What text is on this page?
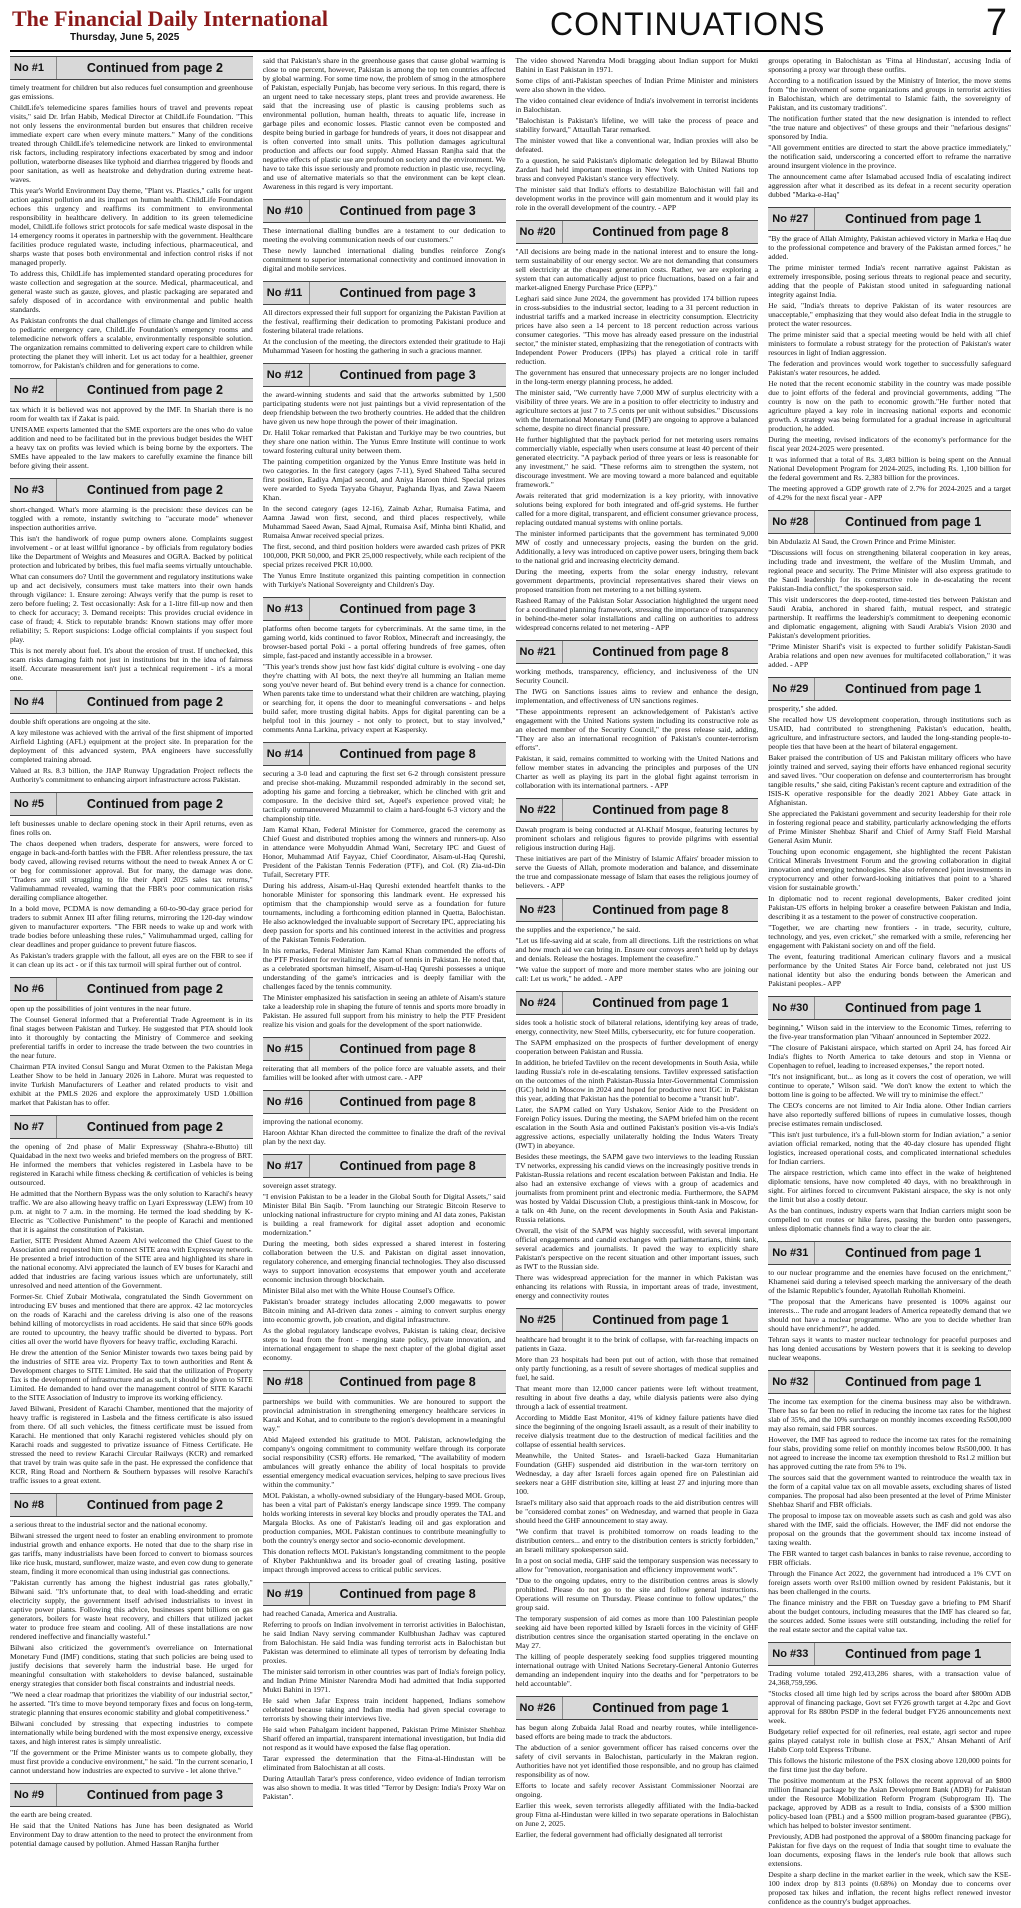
The Financial Daily International
Thursday, June 5, 2025	CONTINUATIONS	7
No #1	Continued from page 2

timely treatment for children but also reduces fuel consumption and greenhouse gas emissions.

ChildLife's telemedicine spares families hours of travel and prevents repeat visits," said Dr. Irfan Habib, Medical Director at ChildLife Foundation. "This not only lessens the environmental burden but ensures that children receive immediate expert care when every minute matters." Many of the conditions treated through ChildLife's telemedicine network are linked to environmental risk factors, including respiratory infections exacerbated by smog and indoor pollution, waterborne diseases like typhoid and diarrhea triggered by floods and poor sanitation, as well as heatstroke and dehydration during extreme heat-waves.

This year's World Environment Day theme, "Plant vs. Plastics," calls for urgent action against pollution and its impact on human health. ChildLife Foundation echoes this urgency and reaffirms its commitment to environmental responsibility in healthcare delivery. In addition to its green telemedicine model, ChildLife follows strict protocols for safe medical waste disposal in the 14 emergency rooms it operates in partnership with the government. Healthcare facilities produce regulated waste, including infectious, pharmaceutical, and sharps waste that poses both environmental and infection control risks if not managed properly.

To address this, ChildLife has implemented standard operating procedures for waste collection and segregation at the source. Medical, pharmaceutical, and general waste such as gauze, gloves, and plastic packaging are separated and safely disposed of in accordance with environmental and public health standards.

As Pakistan confronts the dual challenges of climate change and limited access to pediatric emergency care, ChildLife Foundation's emergency rooms and telemedicine network offers a scalable, environmentally responsible solution. The organization remains committed to delivering expert care to children while protecting the planet they will inherit. Let us act today for a healthier, greener tomorrow, for Pakistan's children and for generations to come.

No #2	Continued from page 2

tax which it is believed was not approved by the IMF. In Shariah there is no room for wealth tax if Zakat is paid.

UNISAME experts lamented that the SME exporters are the ones who do value addition and need to be facilitated but in the previous budget besides the WHT a heavy tax on profits was levied which is being borne by the exporters. The SMEs have appealed to the law makers to carefully examine the finance bill before giving their assent.

No #3	Continued from page 2

short-changed. What's more alarming is the precision: these devices can be toggled with a remote, instantly switching to "accurate mode" whenever inspection authorities arrive.

This isn't the handiwork of rogue pump owners alone. Complaints suggest involvement - or at least willful ignorance - by officials from regulatory bodies like the Department of Weights and Measures and OGRA. Backed by political protection and lubricated by bribes, this fuel mafia seems virtually untouchable.

What can consumers do? Until the government and regulatory institutions wake up and act decisively, consumers must take matters into their own hands through vigilance: 1. Ensure zeroing: Always verify that the pump is reset to zero before fueling; 2. Test occasionally: Ask for a 1-litre fill-up now and then to check for accuracy; 3. Demand receipts: This provides crucial evidence in case of fraud; 4. Stick to reputable brands: Known stations may offer more reliability; 5. Report suspicions: Lodge official complaints if you suspect foul play.

This is not merely about fuel. It's about the erosion of trust. If unchecked, this scam risks damaging faith not just in institutions but in the idea of fairness itself. Accurate measurement isn't just a technical requirement - it's a moral one.

No #4	Continued from page 2

double shift operations are ongoing at the site.

A key milestone was achieved with the arrival of the first shipment of imported Airfield Lighting (AFL) equipment at the project site. In preparation for the deployment of this advanced system, PAA engineers have successfully completed training abroad.

Valued at Rs. 8.3 billion, the JIAP Runway Upgradation Project reflects the Authority's commitment to enhancing airport infrastructure across Pakistan.

No #5	Continued from page 2

left businesses unable to declare opening stock in their April returns, even as fines rolls on.

The chaos deepened when traders, desperate for answers, were forced to engage in back-and-forth battles with the FBR. After relentless pressure, the tax body caved, allowing revised returns without the need to tweak Annex A or C or beg for commissioner approval. But for many, the damage was done. "Traders are still struggling to file their April 2025 sales tax returns," Valimuhammad revealed, warning that the FBR's poor communication risks derailing compliance altogether.

In a bold move, PCDMA is now demanding a 60-to-90-day grace period for traders to submit Annex III after filing returns, mirroring the 120-day window given to manufacturer exporters. "The FBR needs to wake up and work with trade bodies before unleashing these rules," Valimuhammad urged, calling for clear deadlines and proper guidance to prevent future fiascos.

As Pakistan's traders grapple with the fallout, all eyes are on the FBR to see if it can clean up its act - or if this tax turmoil will spiral further out of control.

No #6	Continued from page 2

open up the possibilities of joint ventures in the near future.

The Counsel General informed that a Preferential Trade Agreement is in its final stages between Pakistan and Turkey. He suggested that PTA should look into it thoroughly by contacting the Ministry of Commerce and seeking preferential tariffs in order to increase the trade between the two countries in the near future.

Chairman PTA invited Consul Sangu and Murat Ozmen to the Pakistan Mega Leather Show to be held in January 2026 in Lahore. Murat was requested to invite Turkish Manufacturers of Leather and related products to visit and exhibit at the PMLS 2026 and explore the approximately USD 1.0billion market that Pakistan has to offer.

No #7	Continued from page 2

the opening of 2nd phase of Malir Expressway (Shahra-e-Bhutto) till Quaidabad in the next two weeks and briefed members on the progress of BRT. He informed the members that vehicles registered in Lasbela have to be registered in Karachi while fitness checking & certification of vehicles is being outsourced.

He admitted that the Northern Bypass was the only solution to Karachi's heavy traffic. We are also allowing heavy traffic on Lyari Expressway (LEW) from 10 p.m. at night to 7 a.m. in the morning. He termed the load shedding by K-Electric as "Collective Punishment" to the people of Karachi and mentioned that it is against the constitution of Pakistan.

Earlier, SITE President Ahmed Azeem Alvi welcomed the Chief Guest to the Association and requested him to connect SITE area with Expressway network. He presented a brief introduction of the SITE area and highlighted its share in the national economy. Alvi appreciated the launch of EV buses for Karachi and added that industries are facing various issues which are unfortunately, still unresolved and need attention of the Government.

Former-Sr. Chief Zubair Motiwala, congratulated the Sindh Government on introducing EV buses and mentioned that there are approx. 42 lac motorcycles on the roads of Karachi and the careless driving is also one of the reasons behind killing of motorcyclists in road accidents. He said that since 60% goods are routed to upcountry, the heavy traffic should be diverted to bypass. Port cities all over the world have flyovers for heavy traffic, excluding Karachi.

He drew the attention of the Senior Minister towards two taxes being paid by the industries of SITE area viz. Property Tax to town authorities and Rent & Development charges to SITE Limited. He said that the utilization of Property Tax is the development of infrastructure and as such, it should be given to SITE Limited. He demanded to hand over the management control of SITE Karachi to the SITE Association of Industry to improve its working efficiency.

Javed Bilwani, President of Karachi Chamber, mentioned that the majority of heavy traffic is registered in Lasbela and the fitness certificate is also issued from there. Of all such vehicles, the fitness certificate must be issued from Karachi. He mentioned that only Karachi registered vehicles should ply on Karachi roads and suggested to privatize issuance of Fitness Certificate. He stressed the need to review Karachi Circular Railways (KCR) and remarked that travel by train was quite safe in the past. He expressed the confidence that KCR, Ring Road and Northern & Southern bypasses will resolve Karachi's traffic issues to a great extent.

No #8	Continued from page 2

a serious threat to the industrial sector and the national economy.

Bilwani stressed the urgent need to foster an enabling environment to promote industrial growth and enhance exports. He noted that due to the sharp rise in gas tariffs, many industrialists have been forced to convert to biomass sources like rice husk, mustard, sunflower, maize waste, and even cow dung to generate steam, finding it more economical than using industrial gas connections.

"Pakistan currently has among the highest industrial gas rates globally," Bilwani said. "It's unfortunate that, to deal with load-shedding and erratic electricity supply, the government itself advised industrialists to invest in captive power plants. Following this advice, businesses spent billions on gas generators, boilers for waste heat recovery, and chillers that utilized jacket water to produce free steam and cooling. All of these installations are now rendered ineffective and financially wasteful."

Bilwani also criticized the government's overreliance on International Monetary Fund (IMF) conditions, stating that such policies are being used to justify decisions that severely harm the industrial base. He urged for meaningful consultation with stakeholders to devise balanced, sustainable energy strategies that consider both fiscal constraints and industrial needs.

"We need a clear roadmap that prioritizes the viability of our industrial sector," he asserted. "It's time to move beyond temporary fixes and focus on long-term, strategic planning that ensures economic stability and global competitiveness."

Bilwani concluded by stressing that expecting industries to compete internationally while being burdened with the most expensive energy, excessive taxes, and high interest rates is simply unrealistic.

"If the government or the Prime Minister wants us to compete globally, they must first provide a conducive environment," he said. "In the current scenario, I cannot understand how industries are expected to survive - let alone thrive."

No #9	Continued from page 3

the earth are being created.

He said that the United Nations has June has been designated as World Environment Day to draw attention to the need to protect the environment from potential damage caused by pollution. Ahmed Hassan Ranjha further

said that Pakistan's share in the greenhouse gases that cause global warming is close to one percent, however, Pakistan is among the top ten countries affected by global warming. For some time now, the problem of smog in the atmosphere of Pakistan, especially Punjab, has become very serious. In this regard, there is an urgent need to take necessary steps, plant trees and provide awareness. He said that the increasing use of plastic is causing problems such as environmental pollution, human health, threats to aquatic life, increase in garbage piles and economic losses. Plastic cannot even be composted and despite being buried in garbage for hundreds of years, it does not disappear and is often converted into small units. This pollution damages agricultural production and affects our food supply. Ahmed Hassan Ranjha said that the negative effects of plastic use are profound on society and the environment. We have to take this issue seriously and promote reduction in plastic use, recycling, and use of alternative materials so that the environment can be kept clean. Awareness in this regard is very important.

No #10	Continued from page 3

These international dialling bundles are a testament to our dedication to meeting the evolving communication needs of our customers."

These newly launched international dialing bundles reinforce Zong's commitment to superior international connectivity and continued innovation in digital and mobile services.

No #11	Continued from page 3

All directors expressed their full support for organizing the Pakistan Pavilion at the festival, reaffirming their dedication to promoting Pakistani produce and fostering bilateral trade relations.

At the conclusion of the meeting, the directors extended their gratitude to Haji Muhammad Yaseen for hosting the gathering in such a gracious manner.

No #12	Continued from page 3

the award-winning students and said that the artworks submitted by 1,500 participating students were not just paintings but a vivid representation of the deep friendship between the two brotherly countries. He added that the children have given us new hope through the power of their imagination.

Dr. Halil Tokar remarked that Pakistan and Turkiye may be two countries, but they share one nation within. The Yunus Emre Institute will continue to work toward fostering cultural unity between them.

The painting competition organized by the Yunus Emre Institute was held in two categories. In the first category (ages 7-11), Syed Shaheed Talha secured first position, Eadiya Amjad second, and Aniya Haroon third. Special prizes were awarded to Syeda Tayyaba Ghayur, Paghanda Ilyas, and Zawa Naeem Khan.

In the second category (ages 12-16), Zainab Azhar, Rumaisa Fatima, and Aamna Jawad won first, second, and third places respectively, while Muhammad Saeed Awan, Saad Ajmal, Rumaisa Asif, Minha binti Khalid, and Rumaisa Anwar received special prizes.

The first, second, and third position holders were awarded cash prizes of PKR 100,000, PKR 50,000, and PKR 25,000 respectively, while each recipient of the special prizes received PKR 10,000.

The Yunus Emre Institute organized this painting competition in connection with Turkiye's National Sovereignty and Children's Day.

No #13	Continued from page 3

platforms often become targets for cybercriminals. At the same time, in the gaming world, kids continued to favor Roblox, Minecraft and increasingly, the browser-based portal Poki - a portal offering hundreds of free games, often simple, fast-paced and instantly accessible in a browser.

"This year's trends show just how fast kids' digital culture is evolving - one day they're chatting with AI bots, the next they're all humming an Italian meme song you've never heard of. But behind every trend is a chance for connection. When parents take time to understand what their children are watching, playing or searching for, it opens the door to meaningful conversations - and helps build safer, more trusting digital habits. Apps for digital parenting can be a helpful tool in this journey - not only to protect, but to stay involved," comments Anna Larkina, privacy expert at Kaspersky.

No #14	Continued from page 8

securing a 3-0 lead and capturing the first set 6-2 through consistent pressure and precise shot-making. Muzammil responded admirably in the second set, adopting his game and forcing a tiebreaker, which he clinched with grit and composure. In the decisive third set, Aqeel's experience proved vital; he tactically outmaneuvered Muzammil to claim a hard-fought 6-3 victory and the championship title.

Jam Kamal Khan, Federal Minister for Commerce, graced the ceremony as Chief Guest and distributed trophies among the winners and runners-up. Also in attendance were Mohyuddin Ahmad Wani, Secretary IPC and Guest of Honor, Muhammad Atif Fayyaz, Chief Coordinator, Aisam-ul-Haq Qureshi, President of the Pakistan Tennis Federation (PTF), and Col. (R) Zia-ud-Din Tufail, Secretary PTF.

During his address, Aisam-ul-Haq Qureshi extended heartfelt thanks to the honorable Minister for sponsoring this landmark event. He expressed his optimism that the championship would serve as a foundation for future tournaments, including a forthcoming edition planned in Quetta, Balochistan. He also acknowledged the invaluable support of Secretary IPC, appreciating his deep passion for sports and his continued interest in the activities and progress of the Pakistan Tennis Federation.

In his remarks, Federal Minister Jam Kamal Khan commended the efforts of the PTF President for revitalizing the sport of tennis in Pakistan. He noted that, as a celebrated sportsman himself, Aisam-ul-Haq Qureshi possesses a unique understanding of the game's intricacies and is deeply familiar with the challenges faced by the tennis community.

The Minister emphasized his satisfaction in seeing an athlete of Aisam's stature take a leadership role in shaping the future of tennis and sports more broadly in Pakistan. He assured full support from his ministry to help the PTF President realize his vision and goals for the development of the sport nationwide.

No #15	Continued from page 8

reiterating that all members of the police force are valuable assets, and their families will be looked after with utmost care. - APP

No #16	Continued from page 8

improving the national economy.

Haroon Akhtar Khan directed the committee to finalize the draft of the revival plan by the next day.

No #17	Continued from page 8

sovereign asset strategy.

"I envision Pakistan to be a leader in the Global South for Digital Assets," said Minister Bilal Bin Saqib. "From launching our Strategic Bitcoin Reserve to unlocking national infrastructure for crypto mining and AI data zones, Pakistan is building a real framework for digital asset adoption and economic modernization."

During the meeting, both sides expressed a shared interest in fostering collaboration between the U.S. and Pakistan on digital asset innovation, regulatory coherence, and emerging financial technologies. They also discussed ways to support innovation ecosystems that empower youth and accelerate economic inclusion through blockchain.

Minister Bilal also met with the White House Counsel's Office.

Pakistan's broader strategy includes allocating 2,000 megawatts to power Bitcoin mining and AI-driven data zones - aiming to convert surplus energy into economic growth, job creation, and digital infrastructure.

As the global regulatory landscape evolves, Pakistan is taking clear, decisive steps to lead from the front - merging state policy, private innovation, and international engagement to shape the next chapter of the global digital asset economy.

No #18	Continued from page 8

partnerships we build with communities. We are honoured to support the provincial administration in strengthening emergency healthcare services in Karak and Kohat, and to contribute to the region's development in a meaningful way."

Abid Majeed extended his gratitude to MOL Pakistan, acknowledging the company's ongoing commitment to community welfare through its corporate social responsibility (CSR) efforts. He remarked, "The availability of modern ambulances will greatly enhance the ability of local hospitals to provide essential emergency medical evacuation services, helping to save precious lives within the community."

MOL Pakistan, a wholly-owned subsidiary of the Hungary-based MOL Group, has been a vital part of Pakistan's energy landscape since 1999. The company holds working interests in several key blocks and proudly operates the TAL and Margala Blocks. As one of Pakistan's leading oil and gas exploration and production companies, MOL Pakistan continues to contribute meaningfully to both the country's energy sector and socio-economic development.

This donation reflects MOL Pakistan's longstanding commitment to the people of Khyber Pakhtunkhwa and its broader goal of creating lasting, positive impact through improved access to critical public services.

No #19	Continued from page 8

had reached Canada, America and Australia.

Referring to proofs on Indian involvement in terrorist activities in Balochistan, he said Indian Navy serving commander Kulbhushan Jadhav was captured from Balochistan. He said India was funding terrorist acts in Balochistan but Pakistan was determined to eliminate all types of terrorism by defeating India proxies.

The minister said terrorism in other countries was part of India's foreign policy, and Indian Prime Minister Narendra Modi had admitted that India supported Mukti Bahini in 1971.

He said when Jafar Express train incident happened, Indians somehow celebrated because taking and Indian media had given special coverage to terrorists by showing their interviews live.

He said when Pahalgam incident happened, Pakistan Prime Minister Shehbaz Sharif offered an impartial, transparent international investigation, but India did not respond as it would have exposed the false flag operation.

Tarar expressed the determination that the Fitna-al-Hindustan will be eliminated from Balochistan at all costs.

During Attaullah Tarar's press conference, video evidence of Indian terrorism was also shown to media. It was titled "Terror by Design: India's Proxy War on Pakistan".

The video showed Narendra Modi bragging about Indian support for Mukti Bahini in East Pakistan in 1971.

Some clips of anti-Pakistan speeches of Indian Prime Minister and ministers were also shown in the video.

The video contained clear evidence of India's involvement in terrorist incidents in Balochistan.

"Balochistan is Pakistan's lifeline, we will take the process of peace and stability forward," Attaullah Tarar remarked.

The minister vowed that like a conventional war, Indian proxies will also be defeated.

To a question, he said Pakistan's diplomatic delegation led by Bilawal Bhutto Zardari had held important meetings in New York with United Nations top brass and conveyed Pakistan's stance very effectively.

The minister said that India's efforts to destabilize Balochistan will fail and development works in the province will gain momentum and it would play its role in the overall development of the country. - APP

No #20	Continued from page 8

"All decisions are being made in the national interest and to ensure the long-term sustainability of our energy sector. We are not demanding that consumers sell electricity at the cheapest generation costs. Rather, we are exploring a system that can automatically adjust to price fluctuations, based on a fair and market-aligned Energy Purchase Price (EPP)."

Leghari said since June 2024, the government has provided 174 billion rupees in cross-subsidies to the industrial sector, leading to a 31 percent reduction in industrial tariffs and a marked increase in electricity consumption. Electricity prices have also seen a 14 percent to 18 percent reduction across various consumer categories. "This move has already eased pressure on the industrial sector," the minister stated, emphasizing that the renegotiation of contracts with Independent Power Producers (IPPs) has played a critical role in tariff reduction.

The government has ensured that unnecessary projects are no longer included in the long-term energy planning process, he added.

The minister said, "We currently have 7,000 MW of surplus electricity with a visibility of three years. We are in a position to offer electricity to industry and agriculture sectors at just 7 to 7.5 cents per unit without subsidies." Discussions with the International Monetary Fund (IMF) are ongoing to approve a balanced scheme, despite no direct financial pressure.

He further highlighted that the payback period for net metering users remains commercially viable, especially when users consume at least 40 percent of their generated electricity. "A payback period of three years or less is reasonable for any investment," he said. "These reforms aim to strengthen the system, not discourage investment. We are moving toward a more balanced and equitable framework."

Awais reiterated that grid modernization is a key priority, with innovative solutions being explored for both integrated and off-grid systems. He further called for a more digital, transparent, and efficient consumer grievance process, replacing outdated manual systems with online portals.

The minister informed participants that the government has terminated 9,000 MW of costly and unnecessary projects, easing the burden on the grid. Additionally, a levy was introduced on captive power users, bringing them back to the national grid and increasing electricity demand.

During the meeting, experts from the solar energy industry, relevant government departments, provincial representatives shared their views on proposed transition from net metering to a net billing system.

Rasheed Ramay of the Pakistan Solar Association highlighted the urgent need for a coordinated planning framework, stressing the importance of transparency in behind-the-meter solar installations and calling on authorities to address widespread concerns related to net metering - APP

No #21	Continued from page 8

working methods, transparency, efficiency, and inclusiveness of the UN Security Council.

The IWG on Sanctions issues aims to review and enhance the design, implementation, and effectiveness of UN sanctions regimes.

"These appointments represent an acknowledgement of Pakistan's active engagement with the United Nations system including its constructive role as an elected member of the Security Council," the press release said, adding, "They are also an international recognition of Pakistan's counter-terrorism efforts".

Pakistan, it said, remains committed to working with the United Nations and fellow member states in advancing the principles and purposes of the UN Charter as well as playing its part in the global fight against terrorism in collaboration with its international partners. - APP

No #22	Continued from page 8

Dawah program is being conducted at Al-Khaif Mosque, featuring lectures by prominent scholars and religious figures to provide pilgrims with essential religious instruction during Hajj.

These initiatives are part of the Ministry of Islamic Affairs' broader mission to serve the Guests of Allah, promote moderation and balance, and disseminate the true and compassionate message of Islam that eases the religious journey of believers. - APP

No #23	Continued from page 8

the supplies and the experience," he said.

"Let us life-saving aid at scale, from all directions. Lift the restrictions on what and how much aid we can bring in. Ensure our convoys aren't held up by delays and denials. Release the hostages. Implement the ceasefire."

"We value the support of more and more member states who are joining our call: Let us work," he added. - APP

No #24	Continued from page 1

sides took a holistic stock of bilateral relations, identifying key areas of trade, energy, connectivity, new Steel Mills, cybersecurity, etc for future cooperation.

The SAPM emphasized on the prospects of further development of energy cooperation between Pakistan and Russia.

In addition, he briefed Tavlilev on the recent developments in South Asia, while lauding Russia's role in de-escalating tensions. Tavlilev expressed satisfaction on the outcomes of the ninth Pakistan-Russia Inter-Governmental Commission (IGC) held in Moscow in 2024 and hoped for productive next IGC in Pakistan this year, adding that Pakistan has the potential to become a "transit hub".

Later, the SAPM called on Yury Ushakov, Senior Aide to the President on Foreign Policy issues. During the meeting, the SAPM briefed him on the recent escalation in the South Asia and outlined Pakistan's position vis-a-vis India's aggressive actions, especially unilaterally holding the Indus Waters Treaty (IWT) in abeyance.

Besides these meetings, the SAPM gave two interviews to the leading Russian TV networks, expressing his candid views on the increasingly positive trends in Pakistan-Russia relations and recent escalation between Pakistan and India. He also had an extensive exchange of views with a group of academics and journalists from prominent print and electronic media. Furthermore, the SAPM was hosted by Valdai Discussion Club, a prestigious think-tank in Moscow, for a talk on 4th June, on the recent developments in South Asia and Pakistan-Russia relations.

Overall, the visit of the SAPM was highly successful, with several important official engagements and candid exchanges with parliamentarians, think tank, several academics and journalists. It paved the way to explicitly share Pakistan's perspective on the recent situation and other important issues, such as IWT to the Russian side.

There was widespread appreciation for the manner in which Pakistan was enhancing its relations with Russia, in important areas of trade, investment, energy and connectivity routes

No #25	Continued from page 1

healthcare had brought it to the brink of collapse, with far-reaching impacts on patients in Gaza.

More than 23 hospitals had been put out of action, with those that remained only partly functioning, as a result of severe shortages of medical supplies and fuel, he said.

That meant more than 12,000 cancer patients were left without treatment, resulting in about five deaths a day, while dialysis patients were also dying through a lack of essential treatment.

According to Middle East Monitor, 41% of kidney failure patients have died since the beginning of the ongoing Israeli assault, as a result of their inability to receive dialysis treatment due to the destruction of medical facilities and the collapse of essential health services.

Meanwhile, the United States- and Israeli-backed Gaza Humanitarian Foundation (GHF) suspended aid distribution in the war-torn territory on Wednesday, a day after Israeli forces again opened fire on Palestinian aid seekers near a GHF distribution site, killing at least 27 and injuring more than 100.

Israel's military also said that approach roads to the aid distribution centres will be "considered combat zones" on Wednesday, and warned that people in Gaza should heed the GHF announcement to stay away.

"We confirm that travel is prohibited tomorrow on roads leading to the distribution centers... and entry to the distribution centers is strictly forbidden," an Israeli military spokesperson said.

In a post on social media, GHF said the temporary suspension was necessary to allow for "renovation, reorganisation and efficiency improvement work".

"Due to the ongoing updates, entry to the distribution centres areas is slowly prohibited. Please do not go to the site and follow general instructions. Operations will resume on Thursday. Please continue to follow updates," the group said.

The temporary suspension of aid comes as more than 100 Palestinian people seeking aid have been reported killed by Israeli forces in the vicinity of GHF distribution centres since the organisation started operating in the enclave on May 27.

The killing of people desperately seeking food supplies triggered mounting international outrage with United Nations Secretary-General Antonio Guterres demanding an independent inquiry into the deaths and for "perpetrators to be held accountable".

No #26	Continued from page 1

has begun along Zubaida Jalal Road and nearby routes, while intelligence-based efforts are being made to track the abductors.

The abduction of a senior government officer has raised concerns over the safety of civil servants in Balochistan, particularly in the Makran region. Authorities have not yet identified those responsible, and no group has claimed responsibility as of now.

Efforts to locate and safely recover Assistant Commissioner Noorzai are ongoing.

Earlier this week, seven terrorists allegedly affiliated with the India-backed group Fitna al-Hindustan were killed in two separate operations in Balochistan on June 2, 2025.

Earlier, the federal government had officially designated all terrorist

groups operating in Balochistan as 'Fitna al Hindustan', accusing India of sponsoring a proxy war through these outfits.

According to a notification issued by the Ministry of Interior, the move stems from "the involvement of some organizations and groups in terrorist activities in Balochistan, which are detrimental to Islamic faith, the sovereignty of Pakistan, and its customary traditions".

The notification further stated that the new designation is intended to reflect "the true nature and objectives" of these groups and their "nefarious designs" sponsored by India.

"All government entities are directed to start the above practice immediately," the notification said, underscoring a concerted effort to reframe the narrative around insurgent violence in the province.

The announcement came after Islamabad accused India of escalating indirect aggression after what it described as its defeat in a recent security operation dubbed "Marka-e-Haq"

No #27	Continued from page 1

"By the grace of Allah Almighty, Pakistan achieved victory in Marka e Haq due to the professional competence and bravery of the Pakistan armed forces," he added.

The prime minister termed India's recent narrative against Pakistan as extremely irresponsible, posing serious threats to regional peace and security, adding that the people of Pakistan stood united in safeguarding national integrity against India.

He said, "India's threats to deprive Pakistan of its water resources are unacceptable," emphasizing that they would also defeat India in the struggle to protect the water resources.

The prime minister said that a special meeting would be held with all chief ministers to formulate a robust strategy for the protection of Pakistan's water resources in light of Indian aggression.

The federation and provinces would work together to successfully safeguard Pakistan's water resources, he added.

He noted that the recent economic stability in the country was made possible due to joint efforts of the federal and provincial governments, adding "The country is now on the path to economic growth."He further noted that agriculture played a key role in increasing national exports and economic growth. A strategy was being formulated for a gradual increase in agricultural production, he added.

During the meeting, revised indicators of the economy's performance for the fiscal year 2024-2025 were presented.

It was informed that a total of Rs. 3,483 billion is being spent on the Annual National Development Program for 2024-2025, including Rs. 1,100 billion for the federal government and Rs. 2,383 billion for the provinces.

The meeting approved a GDP growth rate of 2.7% for 2024-2025 and a target of 4.2% for the next fiscal year - APP

No #28	Continued from page 1

bin Abdulaziz Al Saud, the Crown Prince and Prime Minister.

"Discussions will focus on strengthening bilateral cooperation in key areas, including trade and investment, the welfare of the Muslim Ummah, and regional peace and security. The Prime Minister will also express gratitude to the Saudi leadership for its constructive role in de-escalating the recent Pakistan-India conflict," the spokesperson said.

This visit underscores the deep-rooted, time-tested ties between Pakistan and Saudi Arabia, anchored in shared faith, mutual respect, and strategic partnership. It reaffirms the leadership's commitment to deepening economic and diplomatic engagement, aligning with Saudi Arabia's Vision 2030 and Pakistan's development priorities.

"Prime Minister Sharif's visit is expected to further solidify Pakistan-Saudi Arabia relations and open new avenues for multifaceted collaboration," it was added. - APP

No #29	Continued from page 1

prosperity," she added.

She recalled how US development cooperation, through institutions such as USAID, had contributed to strengthening Pakistan's education, health, agriculture, and infrastructure sectors, and lauded the long-standing people-to-people ties that have been at the heart of bilateral engagement.

Baker praised the contribution of US and Pakistan military officers who have jointly trained and served, saying their efforts have enhanced regional security and saved lives. "Our cooperation on defense and counterterrorism has brought tangible results," she said, citing Pakistan's recent capture and extradition of the ISIS-K operative responsible for the deadly 2021 Abbey Gate attack in Afghanistan.

She appreciated the Pakistani government and security leadership for their role in fostering regional peace and stability, particularly acknowledging the efforts of Prime Minister Shehbaz Sharif and Chief of Army Staff Field Marshal General Asim Munir.

Touching upon economic engagement, she highlighted the recent Pakistan Critical Minerals Investment Forum and the growing collaboration in digital innovation and emerging technologies. She also referenced joint investments in cryptocurrency and other forward-looking initiatives that point to a 'shared vision for sustainable growth.'

In diplomatic nod to recent regional developments, Baker credited joint Pakistan-US efforts in helping broker a ceasefire between Pakistan and India, describing it as a testament to the power of constructive cooperation.

"Together, we are charting new frontiers - in trade, security, culture, technology, and yes, even cricket," she remarked with a smile, referencing her engagement with Pakistani society on and off the field.

The event, featuring traditional American culinary flavors and a musical performance by the United States Air Force band, celebrated not just US national identity but also the enduring bonds between the American and Pakistani peoples.- APP

No #30	Continued from page 1

beginning," Wilson said in the interview to the Economic Times, referring to the five-year transformation plan 'Vihaan' announced in September 2022.

"The closure of Pakistani airspace, which started on April 24, has forced Air India's flights to North America to take detours and stop in Vienna or Copenhagen to refuel, leading to increased expenses," the report noted.

"It's not insignificant, but... as long as it covers the cost of operation, we will continue to operate," Wilson said. "We don't know the extent to which the bottom line is going to be affected. We will try to minimise the effect."

The CEO's concerns are not limited to Air India alone. Other Indian carriers have also reportedly suffered billions of rupees in cumulative losses, though precise estimates remain undisclosed.

"This isn't just turbulence, it's a full-blown storm for Indian aviation," a senior aviation official remarked, noting that the 40-day closure has upended flight logistics, increased operational costs, and complicated international schedules for Indian carriers.

The airspace restriction, which came into effect in the wake of heightened diplomatic tensions, have now completed 40 days, with no breakthrough in sight. For airlines forced to circumvent Pakistani airspace, the sky is not only the limit but also a costly detour.

As the ban continues, industry experts warn that Indian carriers might soon be compelled to cut routes or hike fares, passing the burden onto passengers, unless diplomatic channels find a way to clear the air.

No #31	Continued from page 1

to our nuclear programme and the enemies have focused on the enrichment," Khamenei said during a televised speech marking the anniversary of the death of the Islamic Republic's founder, Ayatollah Ruhollah Khomeini.

"The proposal that the Americans have presented is 100% against our interests... The rude and arrogant leaders of America repeatedly demand that we should not have a nuclear programme. Who are you to decide whether Iran should have enrichment?", he added.

Tehran says it wants to master nuclear technology for peaceful purposes and has long denied accusations by Western powers that it is seeking to develop nuclear weapons.

No #32	Continued from page 1

The income tax exemption for the cinema business may also be withdrawn. There has so far been no relief in reducing the income tax rates for the highest slab of 35%, and the 10% surcharge on monthly incomes exceeding Rs500,000 may also remain, said FBR sources.

However, the IMF has agreed to reduce the income tax rates for the remaining four slabs, providing some relief on monthly incomes below Rs500,000. It has not agreed to increase the income tax exemption threshold to Rs1.2 million but has approved cutting the rate from 5% to 1%.

The sources said that the government wanted to reintroduce the wealth tax in the form of a capital value tax on all movable assets, excluding shares of listed companies. The proposal had also been presented at the level of Prime Minister Shehbaz Sharif and FBR officials.

The proposal to impose tax on moveable assets such as cash and gold was also shared with the IMF, said the officials. However, the IMF did not endorse the proposal on the grounds that the government should tax income instead of taxing wealth.

The FBR wanted to target cash balances in banks to raise revenue, according to FBR officials.

Through the Finance Act 2022, the government had introduced a 1% CVT on foreign assets worth over Rs100 million owned by resident Pakistanis, but it has been challenged in the courts.

The finance ministry and the FBR on Tuesday gave a briefing to PM Sharif about the budget contours, including measures that the IMF has cleared so far, the sources added. Some issues were still outstanding, including the relief for the real estate sector and the capital value tax.

No #33	Continued from page 1

Trading volume totaled 292,413,286 shares, with a transaction value of 24,368,759,596.

"Stocks closed all time high led by scrips across the board after $800m ADB approval of financing package, Govt set FY26 growth target at 4.2pc and Govt approval for Rs 880bn PSDP in the federal budget FY26 announcements next week.

Budgetary relief expected for oil refineries, real estate, agri sector and rupee gains played catalyst role in bullish close at PSX," Ahsan Mehanti of Arif Habib Corp told Express Tribune.

This follows the historic milestone of the PSX closing above 120,000 points for the first time just the day before.

The positive momentum at the PSX follows the recent approval of an $800 million financial package by the Asian Development Bank (ADB) for Pakistan under the Resource Mobilization Reform Program (Subprogram II). The package, approved by ADB as a result to India, consists of a $300 million policy-based loan (PBL) and a $500 million program-based guarantee (PBG), which has helped to bolster investor sentiment.

Previously, ADB had postponed the approval of a $800m financing package for Pakistan for five days on the request of India that sought time to evaluate the loan documents, exposing flaws in the lender's rule book that allows such extensions.

Despite a sharp decline in the market earlier in the week, which saw the KSE-100 index drop by 813 points (0.68%) on Monday due to concerns over proposed tax hikes and inflation, the recent highs reflect renewed investor confidence as the country's budget approaches.
